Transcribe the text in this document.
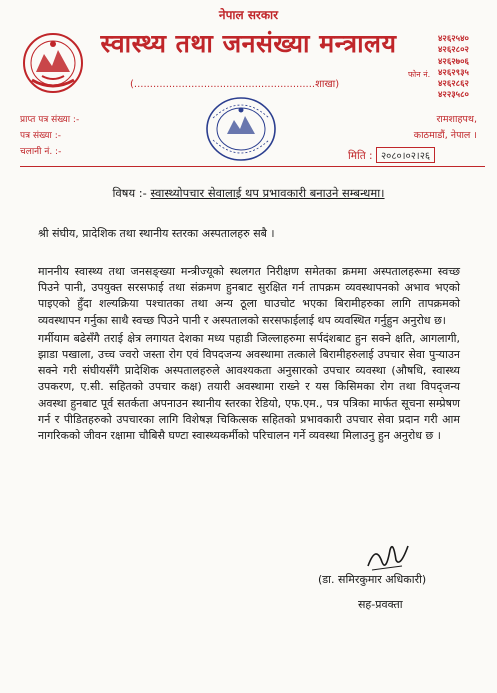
नेपाल सरकार
स्वास्थ्य तथा जनसंख्या मन्त्रालय
(.........................................................शाखा)
४२६२५४०
४२६२८०२
४२६२७०६
४२६२९३५
४२६२८६२
४२२३५८०
फोन नं.
प्राप्त पत्र संख्या :-
पत्र संख्या :-
चलानी नं. :-
रामशाहपथ,
काठमाडौं, नेपाल ।
मिति : २०८०।०२।२६
विषय :- स्वास्थ्योपचार सेवालाई थप प्रभावकारी बनाउने सम्बन्धमा।
श्री संघीय, प्रादेशिक तथा स्थानीय स्तरका अस्पतालहरु सबै ।

माननीय स्वास्थ्य तथा जनसङ्ख्या मन्त्रीज्यूको स्थलगत निरीक्षण समेतका क्रममा अस्पतालहरूमा स्वच्छ पिउने पानी, उपयुक्त सरसफाई तथा संक्रमण हुनबाट सुरक्षित गर्न तापक्रम व्यवस्थापनको अभाव भएको पाइएको हुँदा शल्यक्रिया पश्चातका तथा अन्य ठूला घाउचोट भएका बिरामीहरुका लागि तापक्रमको व्यवस्थापन गर्नुका साथै स्वच्छ पिउने पानी र अस्पतालको सरसफाईलाई थप व्यवस्थित गर्नुहुन अनुरोध छ।

गर्मीयाम बढेसँगै तराई क्षेत्र लगायत देशका मध्य पहाडी जिल्लाहरुमा सर्पदंशबाट हुन सक्ने क्षति, आगलागी, झाडा पखाला, उच्च ज्वरो जस्ता रोग एवं विपदजन्य अवस्थामा तत्काले बिरामीहरुलाई उपचार सेवा पुर्‍याउन सक्ने गरी संघीयसँगै प्रादेशिक अस्पतालहरुले आवश्यकता अनुसारको उपचार व्यवस्था (औषधि, स्वास्थ्य उपकरण, ए.सी. सहितको उपचार कक्ष) तयारी अवस्थामा राख्ने र यस किसिमका रोग तथा विपद्जन्य अवस्था हुनबाट पूर्व सतर्कता अपनाउन स्थानीय स्तरका रेडियो, एफ.एम., पत्र पत्रिका मार्फत सूचना सम्प्रेषण गर्न र पीडितहरुको उपचारका लागि विशेषज्ञ चिकित्सक सहितको प्रभावकारी उपचार सेवा प्रदान गरी आम नागरिकको जीवन रक्षामा चौबिसै घण्टा स्वास्थ्यकर्मीको परिचालन गर्ने व्यवस्था मिलाउनु हुन अनुरोध छ ।

(डा. समिरकुमार अधिकारी)
सह-प्रवक्ता
